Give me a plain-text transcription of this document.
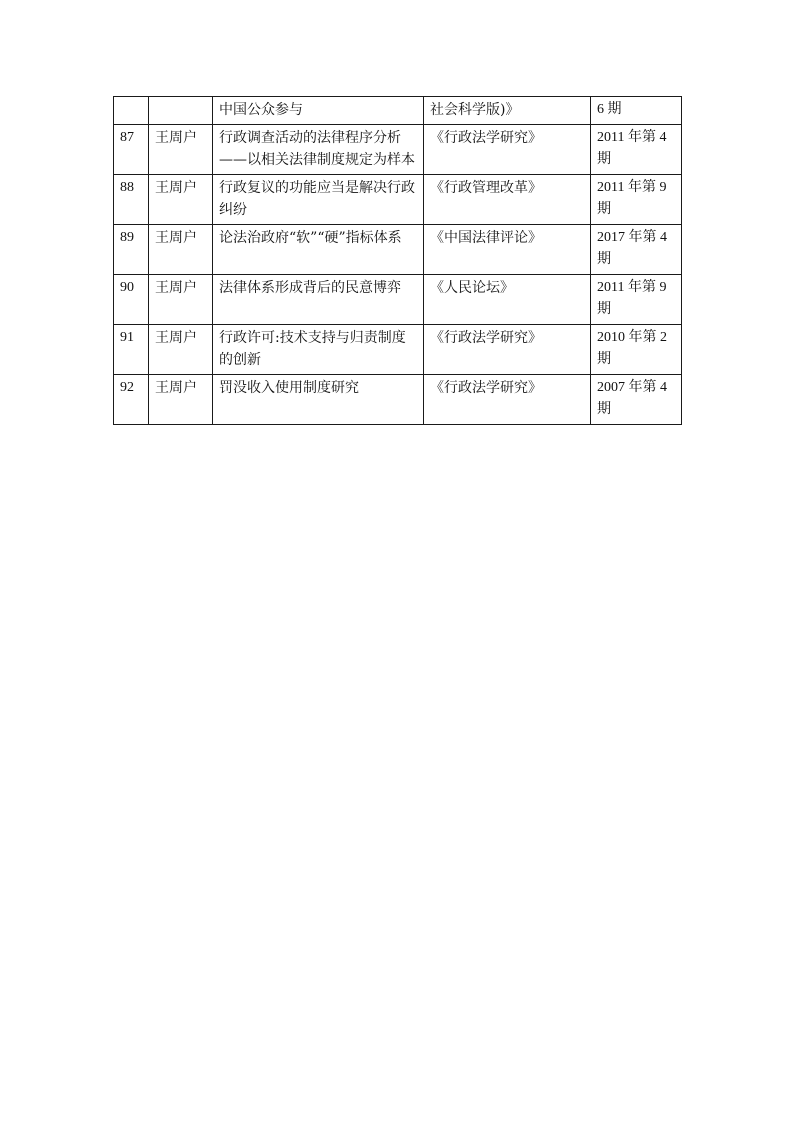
		中国公众参与	社会科学版)》	6 期
87	王周户	行政调查活动的法律程序分析——以相关法律制度规定为样本	《行政法学研究》	2011 年第 4 期
88	王周户	行政复议的功能应当是解决行政纠纷	《行政管理改革》	2011 年第 9 期
89	王周户	论法治政府“软”“硬”指标体系	《中国法律评论》	2017 年第 4 期
90	王周户	法律体系形成背后的民意博弈	《人民论坛》	2011 年第 9 期
91	王周户	行政许可:技术支持与归责制度的创新	《行政法学研究》	2010 年第 2 期
92	王周户	罚没收入使用制度研究	《行政法学研究》	2007 年第 4 期
